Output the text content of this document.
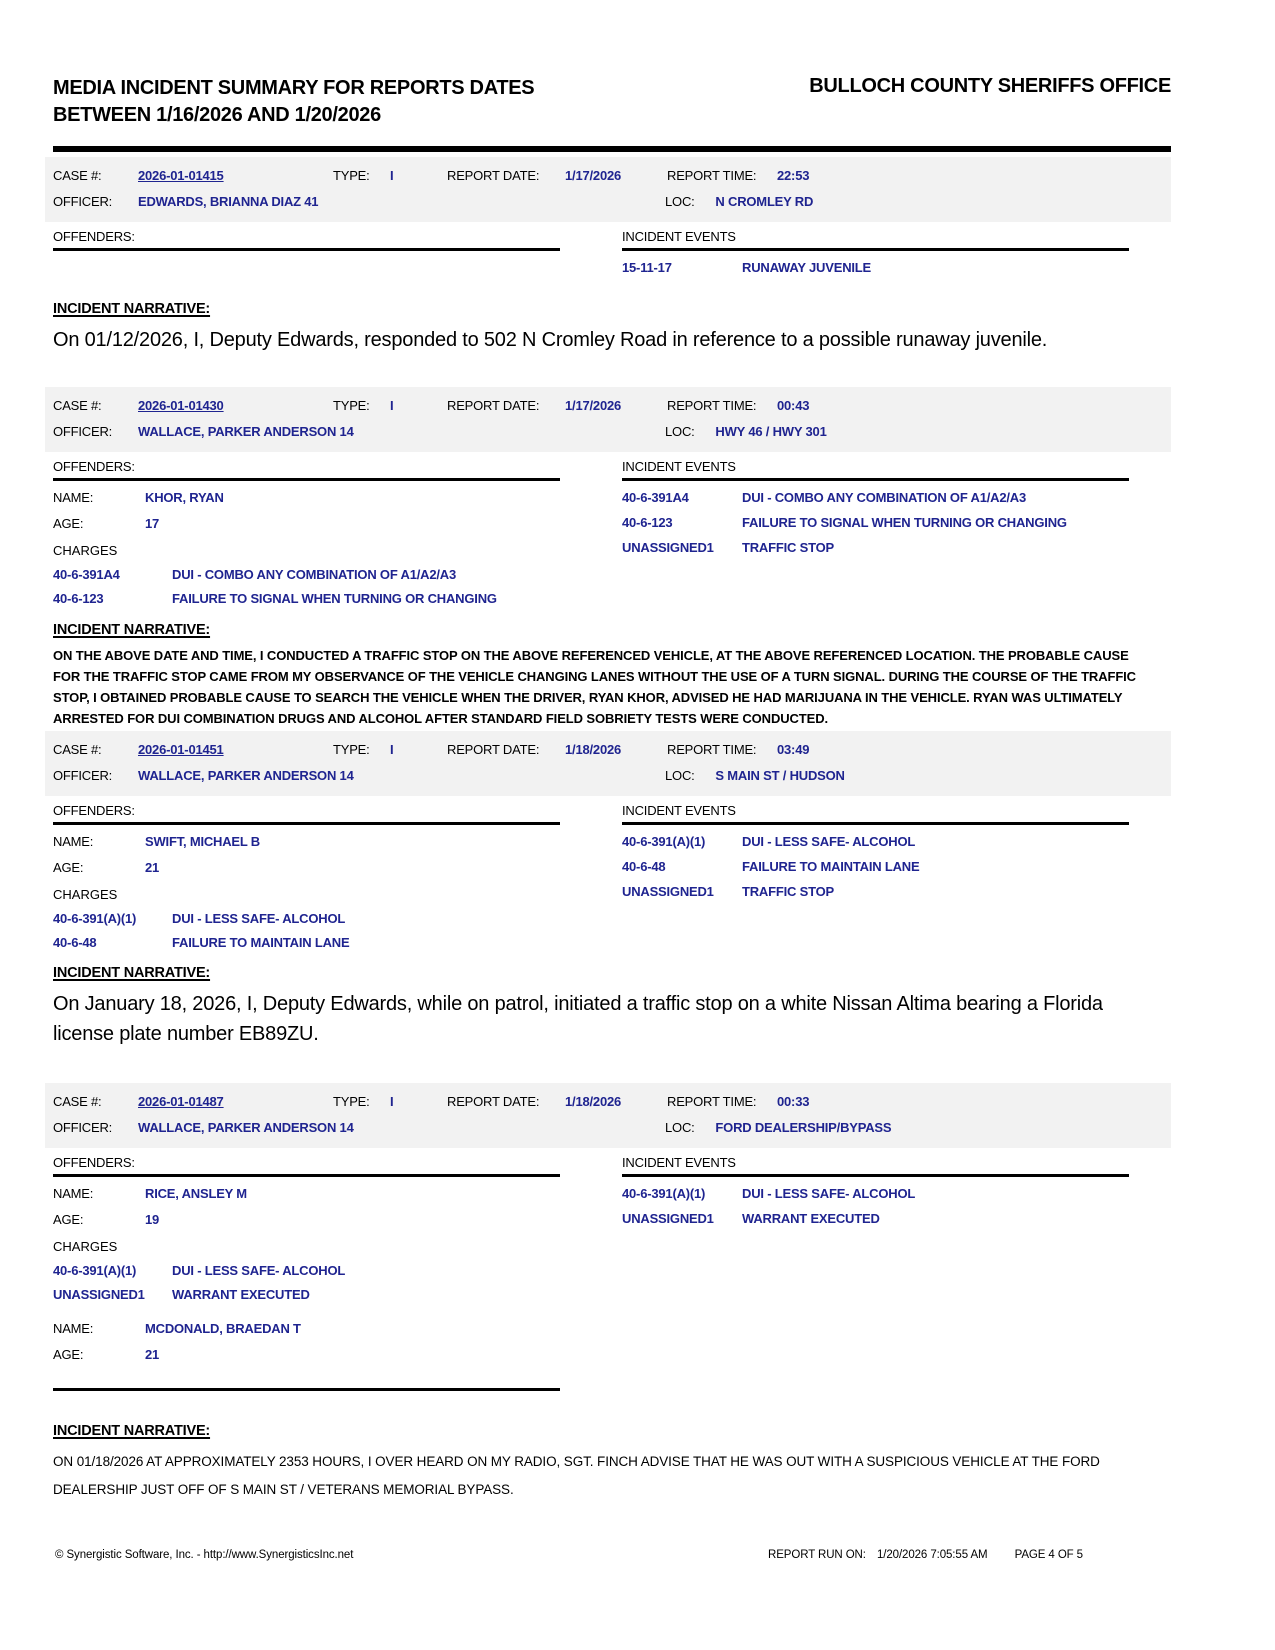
MEDIA INCIDENT SUMMARY FOR REPORTS DATES
BETWEEN 1/16/2026 AND 1/20/2026
BULLOCH COUNTY SHERIFFS OFFICE
CASE #:	2026-01-01415	TYPE:	I	REPORT DATE:	1/17/2026	REPORT TIME:	22:53
OFFICER:	EDWARDS, BRIANNA DIAZ 41	LOC: N CROMLEY RD
OFFENDERS:	INCIDENT EVENTS
15-11-17	RUNAWAY JUVENILE
INCIDENT NARRATIVE:

On 01/12/2026, I, Deputy Edwards, responded to 502 N Cromley Road in reference to a possible runaway juvenile.

CASE #:	2026-01-01430	TYPE:	I	REPORT DATE:	1/17/2026	REPORT TIME:	00:43
OFFICER:	WALLACE, PARKER ANDERSON 14	LOC: HWY 46 / HWY 301
OFFENDERS:
NAME:	KHOR, RYAN
AGE:	17
CHARGES
40-6-391A4	DUI - COMBO ANY COMBINATION OF A1/A2/A3
40-6-123	FAILURE TO SIGNAL WHEN TURNING OR CHANGING
INCIDENT EVENTS
40-6-391A4	DUI - COMBO ANY COMBINATION OF A1/A2/A3
40-6-123	FAILURE TO SIGNAL WHEN TURNING OR CHANGING
UNASSIGNED1	TRAFFIC STOP
INCIDENT NARRATIVE:

ON THE ABOVE DATE AND TIME, I CONDUCTED A TRAFFIC STOP ON THE ABOVE REFERENCED VEHICLE, AT THE ABOVE REFERENCED LOCATION. THE PROBABLE CAUSE FOR THE TRAFFIC STOP CAME FROM MY OBSERVANCE OF THE VEHICLE CHANGING LANES WITHOUT THE USE OF A TURN SIGNAL. DURING THE COURSE OF THE TRAFFIC STOP, I OBTAINED PROBABLE CAUSE TO SEARCH THE VEHICLE WHEN THE DRIVER, RYAN KHOR, ADVISED HE HAD MARIJUANA IN THE VEHICLE. RYAN WAS ULTIMATELY ARRESTED FOR DUI COMBINATION DRUGS AND ALCOHOL AFTER STANDARD FIELD SOBRIETY TESTS WERE CONDUCTED.

CASE #:	2026-01-01451	TYPE:	I	REPORT DATE:	1/18/2026	REPORT TIME:	03:49
OFFICER:	WALLACE, PARKER ANDERSON 14	LOC: S MAIN ST / HUDSON
OFFENDERS:
NAME:	SWIFT, MICHAEL B
AGE:	21
CHARGES
40-6-391(A)(1)	DUI - LESS SAFE- ALCOHOL
40-6-48	FAILURE TO MAINTAIN LANE
INCIDENT EVENTS
40-6-391(A)(1)	DUI - LESS SAFE- ALCOHOL
40-6-48	FAILURE TO MAINTAIN LANE
UNASSIGNED1	TRAFFIC STOP
INCIDENT NARRATIVE:

On January 18, 2026, I, Deputy Edwards, while on patrol, initiated a traffic stop on a white Nissan Altima bearing a Florida license plate number EB89ZU.

CASE #:	2026-01-01487	TYPE:	I	REPORT DATE:	1/18/2026	REPORT TIME:	00:33
OFFICER:	WALLACE, PARKER ANDERSON 14	LOC: FORD DEALERSHIP/BYPASS
OFFENDERS:
NAME:	RICE, ANSLEY M
AGE:	19
CHARGES
40-6-391(A)(1)	DUI - LESS SAFE- ALCOHOL
UNASSIGNED1	WARRANT EXECUTED
NAME:	MCDONALD, BRAEDAN T
AGE:	21
INCIDENT EVENTS
40-6-391(A)(1)	DUI - LESS SAFE- ALCOHOL
UNASSIGNED1	WARRANT EXECUTED
INCIDENT NARRATIVE:

ON 01/18/2026 AT APPROXIMATELY 2353 HOURS, I OVER HEARD ON MY RADIO, SGT. FINCH ADVISE THAT HE WAS OUT WITH A SUSPICIOUS VEHICLE AT THE FORD DEALERSHIP JUST OFF OF S MAIN ST / VETERANS MEMORIAL BYPASS.

© Synergistic Software, Inc. - http://www.SynergisticsInc.net	REPORT RUN ON: 1/20/2026 7:05:55 AM PAGE 4 OF 5
